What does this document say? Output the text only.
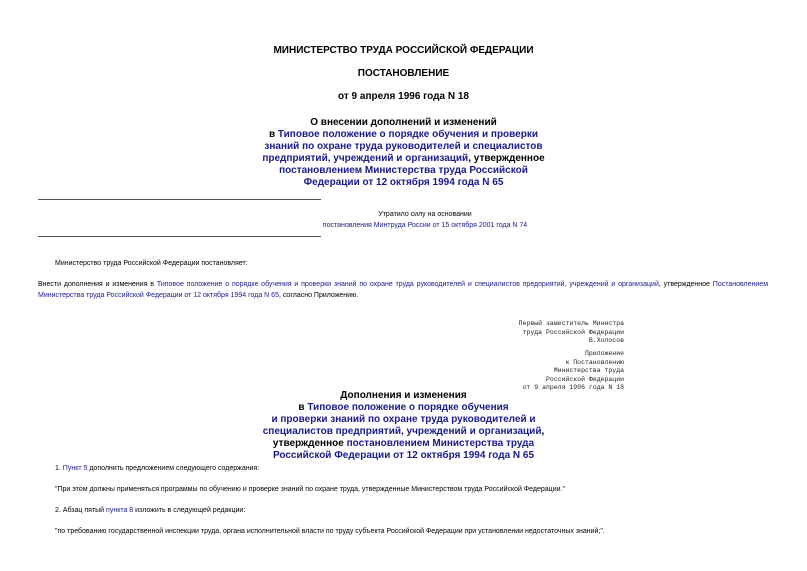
МИНИСТЕРСТВО ТРУДА РОССИЙСКОЙ ФЕДЕРАЦИИ
ПОСТАНОВЛЕНИЕ
от 9 апреля 1996 года N 18
О внесении дополнений и изменений
в Типовое положение о порядке обучения и проверки
знаний по охране труда руководителей и специалистов
предприятий, учреждений и организаций, утвержденное
постановлением Министерства труда Российской
Федерации от 12 октября 1994 года N 65
Утратило силу на основании
постановления Минтруда России от 15 октября 2001 года N 74
Министерство труда Российской Федерации постановляет:
Внести дополнения и изменения в Типовое положение о порядке обучения и проверки знаний по охране труда руководителей и специалистов предприятий, учреждений и организаций, утвержденное Постановлением Министерства труда Российской Федерации от 12 октября 1994 года N 65, согласно Приложению.
Первый заместитель Министра
труда Российской Федерации
В.Холосов
Приложение
к Постановлению
Министерства труда
Российской Федерации
от 9 апреля 1996 года N 18
Дополнения и изменения
в Типовое положение о порядке обучения
и проверки знаний по охране труда руководителей и
специалистов предприятий, учреждений и организаций,
утвержденное постановлением Министерства труда
Российской Федерации от 12 октября 1994 года N 65
1. Пункт 5 дополнить предложением следующего содержания:
"При этом должны применяться программы по обучению и проверке знаний по охране труда, утвержденные Министерством труда Российской Федерации."
2. Абзац пятый пункта 8 изложить в следующей редакции:
"по требованию государственной инспекции труда, органа исполнительной власти по труду субъекта Российской Федерации при установлении недостаточных знаний;".
